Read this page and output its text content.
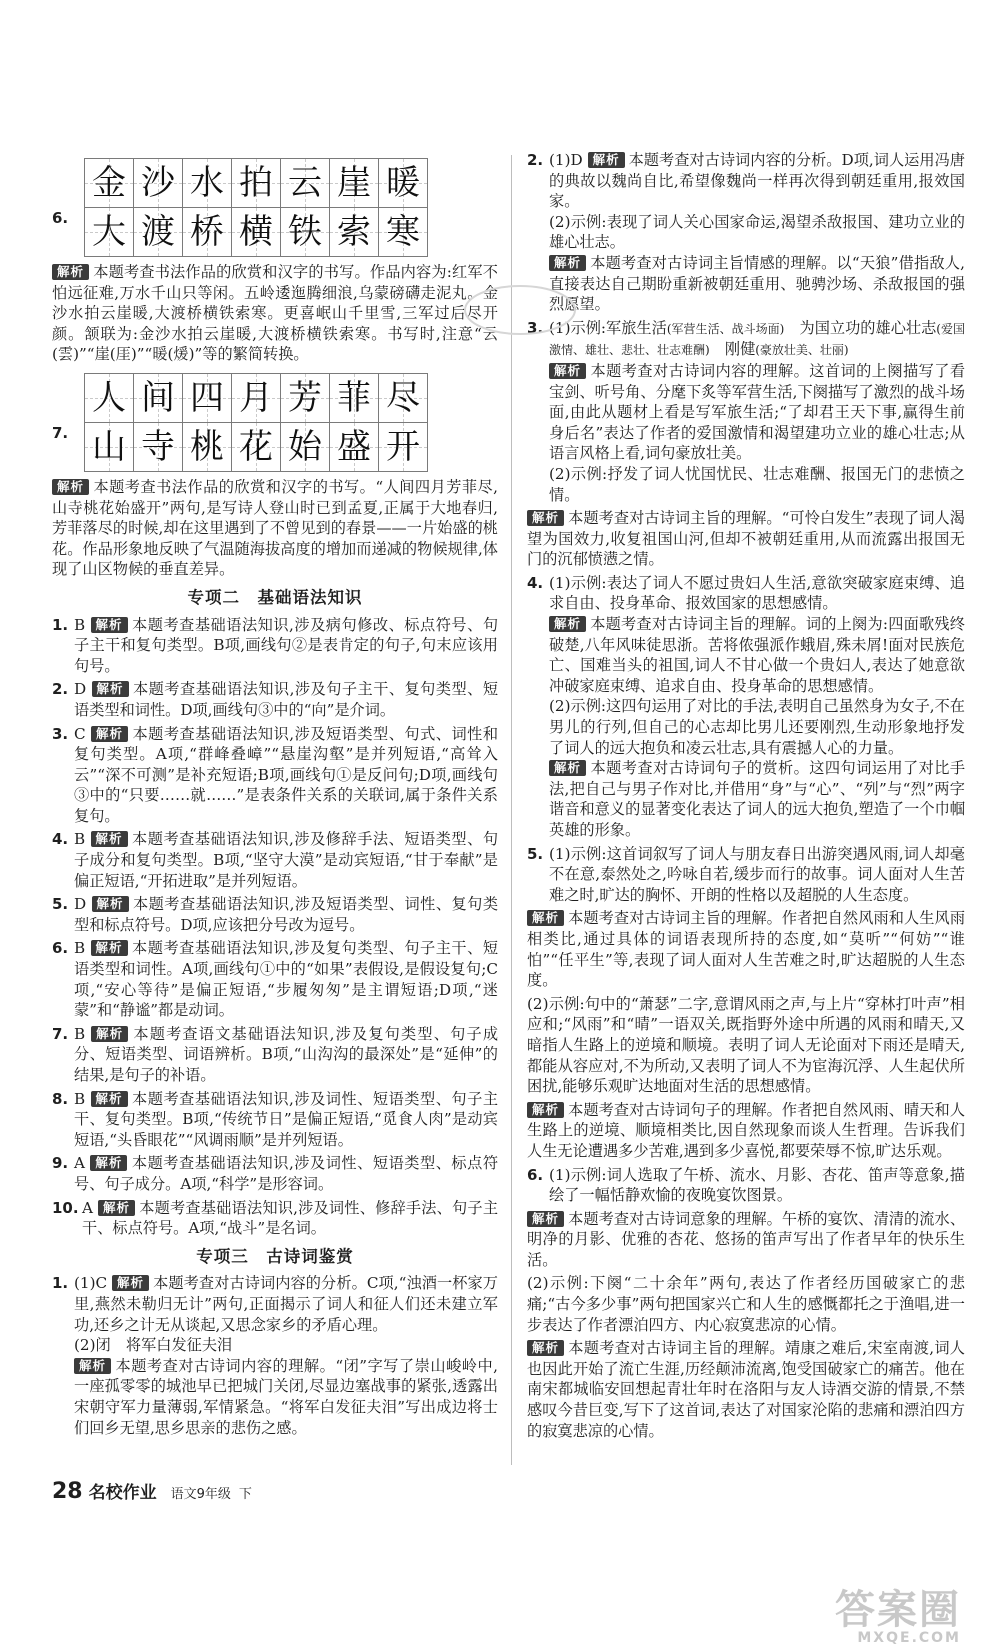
6.
金 沙 水 拍 云 崖 暖
大 渡 桥 横 铁 索 寒

解析 本题考查书法作品的欣赏和汉字的书写。作品内容为:红军不怕远征难,万水千山只等闲。五岭逶迤腾细浪,乌蒙磅礴走泥丸。金沙水拍云崖暖,大渡桥横铁索寒。更喜岷山千里雪,三军过后尽开颜。颔联为:金沙水拍云崖暖,大渡桥横铁索寒。书写时,注意“云(雲)”“崖(厓)”“暖(煖)”等的繁简转换。

7.
人 间 四 月 芳 菲 尽
山 寺 桃 花 始 盛 开

解析 本题考查书法作品的欣赏和汉字的书写。“人间四月芳菲尽,山寺桃花始盛开”两句,是写诗人登山时已到孟夏,正属于大地春归,芳菲落尽的时候,却在这里遇到了不曾见到的春景——一片始盛的桃花。作品形象地反映了气温随海拔高度的增加而递减的物候规律,体现了山区物候的垂直差异。

专项二　基础语法知识
1. B 解析 本题考查基础语法知识,涉及病句修改、标点符号、句子主干和复句类型。B项,画线句②是表肯定的句子,句末应该用句号。

2. D 解析 本题考查基础语法知识,涉及句子主干、复句类型、短语类型和词性。D项,画线句③中的“向”是介词。

3. C 解析 本题考查基础语法知识,涉及短语类型、句式、词性和复句类型。A项,“群峰叠嶂”“悬崖沟壑”是并列短语,“高耸入云”“深不可测”是补充短语;B项,画线句①是反问句;D项,画线句③中的“只要……就……”是表条件关系的关联词,属于条件关系复句。

4. B 解析 本题考查基础语法知识,涉及修辞手法、短语类型、句子成分和复句类型。B项,“坚守大漠”是动宾短语,“甘于奉献”是偏正短语,“开拓进取”是并列短语。

5. D 解析 本题考查基础语法知识,涉及短语类型、词性、复句类型和标点符号。D项,应该把分号改为逗号。

6. B 解析 本题考查基础语法知识,涉及复句类型、句子主干、短语类型和词性。A项,画线句①中的“如果”表假设,是假设复句;C项,“安心等待”是偏正短语,“步履匆匆”是主谓短语;D项,“迷蒙”和“静谧”都是动词。

7. B 解析 本题考查语文基础语法知识,涉及复句类型、句子成分、短语类型、词语辨析。B项,“山沟沟的最深处”是“延伸”的结果,是句子的补语。

8. B 解析 本题考查基础语法知识,涉及词性、短语类型、句子主干、复句类型。B项,“传统节日”是偏正短语,“觅食人肉”是动宾短语,“头昏眼花”“风调雨顺”是并列短语。

9. A 解析 本题考查基础语法知识,涉及词性、短语类型、标点符号、句子成分。A项,“科学”是形容词。

10. A 解析 本题考查基础语法知识,涉及词性、修辞手法、句子主干、标点符号。A项,“战斗”是名词。

专项三　古诗词鉴赏
1. (1)C 解析 本题考查对古诗词内容的分析。C项,“浊酒一杯家万里,燕然未勒归无计”两句,正面揭示了词人和征人们还未建立军功,还乡之计无从谈起,又思念家乡的矛盾心理。

(2)闭　将军白发征夫泪

解析 本题考查对古诗词内容的理解。“闭”字写了崇山峻岭中,一座孤零零的城池早已把城门关闭,尽显边塞战事的紧张,透露出宋朝守军力量薄弱,军情紧急。“将军白发征夫泪”写出成边将士们回乡无望,思乡思亲的悲伤之感。

2. (1)D 解析 本题考查对古诗词内容的分析。D项,词人运用冯唐的典故以魏尚自比,希望像魏尚一样再次得到朝廷重用,报效国家。

(2)示例:表现了词人关心国家命运,渴望杀敌报国、建功立业的雄心壮志。

解析 本题考查对古诗词主旨情感的理解。以“天狼”借指敌人,直接表达自己期盼重新被朝廷重用、驰骋沙场、杀敌报国的强烈愿望。

3. (1)示例:军旅生活(军营生活、战斗场面)　为国立功的雄心壮志(爱国激情、雄壮、悲壮、壮志难酬)　刚健(豪放壮美、壮丽)

解析 本题考查对古诗词内容的理解。这首词的上阕描写了看宝剑、听号角、分麾下炙等军营生活,下阕描写了激烈的战斗场面,由此从题材上看是写军旅生活;“了却君王天下事,赢得生前身后名”表达了作者的爱国激情和渴望建功立业的雄心壮志;从语言风格上看,词句豪放壮美。

(2)示例:抒发了词人忧国忧民、壮志难酬、报国无门的悲愤之情。

解析 本题考查对古诗词主旨的理解。“可怜白发生”表现了词人渴望为国效力,收复祖国山河,但却不被朝廷重用,从而流露出报国无门的沉郁愤懑之情。

4. (1)示例:表达了词人不愿过贵妇人生活,意欲突破家庭束缚、追求自由、投身革命、报效国家的思想感情。

解析 本题考查对古诗词主旨的理解。词的上阕为:四面歌残终破楚,八年风味徒思浙。苦将侬强派作蛾眉,殊未屑!面对民族危亡、国难当头的祖国,词人不甘心做一个贵妇人,表达了她意欲冲破家庭束缚、追求自由、投身革命的思想感情。

(2)示例:这四句运用了对比的手法,表明自己虽然身为女子,不在男儿的行列,但自己的心志却比男儿还要刚烈,生动形象地抒发了词人的远大抱负和凌云壮志,具有震撼人心的力量。

解析 本题考查对古诗词句子的赏析。这四句词运用了对比手法,把自己与男子作对比,并借用“身”与“心”、“列”与“烈”两字谐音和意义的显著变化表达了词人的远大抱负,塑造了一个巾帼英雄的形象。

5. (1)示例:这首词叙写了词人与朋友春日出游突遇风雨,词人却毫不在意,泰然处之,吟咏自若,缓步而行的故事。词人面对人生苦难之时,旷达的胸怀、开朗的性格以及超脱的人生态度。

解析 本题考查对古诗词主旨的理解。作者把自然风雨和人生风雨相类比,通过具体的词语表现所持的态度,如“莫听”“何妨”“谁怕”“任平生”等,表现了词人面对人生苦难之时,旷达超脱的人生态度。

(2)示例:句中的“萧瑟”二字,意谓风雨之声,与上片“穿林打叶声”相应和;“风雨”和“晴”一语双关,既指野外途中所遇的风雨和晴天,又暗指人生路上的逆境和顺境。表明了词人无论面对下雨还是晴天,都能从容应对,不为所动,又表明了词人不为宦海沉浮、人生起伏所困扰,能够乐观旷达地面对生活的思想感情。

解析 本题考查对古诗词句子的理解。作者把自然风雨、晴天和人生路上的逆境、顺境相类比,因自然现象而谈人生哲理。告诉我们人生无论遭遇多少苦难,遇到多少喜悦,都要荣辱不惊,旷达乐观。

6. (1)示例:词人选取了午桥、流水、月影、杏花、笛声等意象,描绘了一幅恬静欢愉的夜晚宴饮图景。

解析 本题考查对古诗词意象的理解。午桥的宴饮、清清的流水、明净的月影、优雅的杏花、悠扬的笛声写出了作者早年的快乐生活。

(2)示例:下阕“二十余年”两句,表达了作者经历国破家亡的悲痛;“古今多少事”两句把国家兴亡和人生的感慨都托之于渔唱,进一步表达了作者漂泊四方、内心寂寞悲凉的心情。

解析 本题考查对古诗词主旨的理解。靖康之难后,宋室南渡,词人也因此开始了流亡生涯,历经颠沛流离,饱受国破家亡的痛苦。他在南宋都城临安回想起青壮年时在洛阳与友人诗酒交游的情景,不禁感叹今昔巨变,写下了这首词,表达了对国家沦陷的悲痛和漂泊四方的寂寞悲凉的心情。

28 名校作业 语文9年级 下
答案圈
MXQE.COM
